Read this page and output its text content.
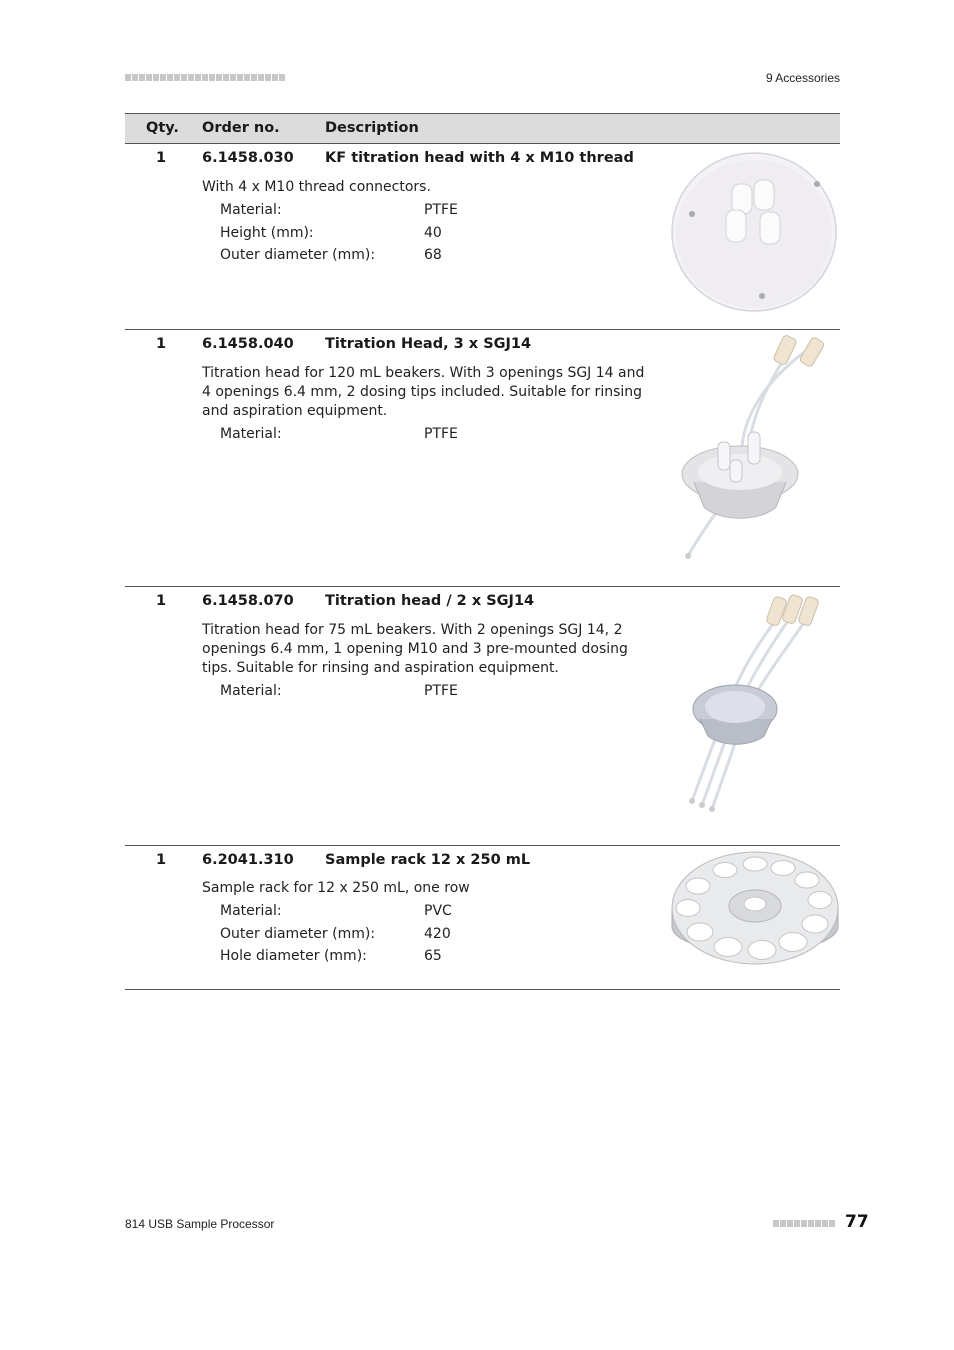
9 Accessories
Qty. Order no.	Description
1 6.1458.030 KF titration head with 4 x M10 thread
With 4 x M10 thread connectors.
Material:	PTFE
Height (mm):	40
Outer diameter (mm):	68
1 6.1458.040 Titration Head, 3 x SGJ14
Titration head for 120 mL beakers. With 3 openings SGJ 14 and 4 openings 6.4 mm, 2 dosing tips included. Suitable for rinsing and aspiration equipment.
Material:	PTFE
1 6.1458.070 Titration head / 2 x SGJ14
Titration head for 75 mL beakers. With 2 openings SGJ 14, 2 openings 6.4 mm, 1 opening M10 and 3 pre-mounted dosing tips. Suitable for rinsing and aspiration equipment.
Material:	PTFE
1 6.2041.310 Sample rack 12 x 250 mL
Sample rack for 12 x 250 mL, one row
Material:	PVC
Outer diameter (mm):	420
Hole diameter (mm):	65
814 USB Sample Processor	77
